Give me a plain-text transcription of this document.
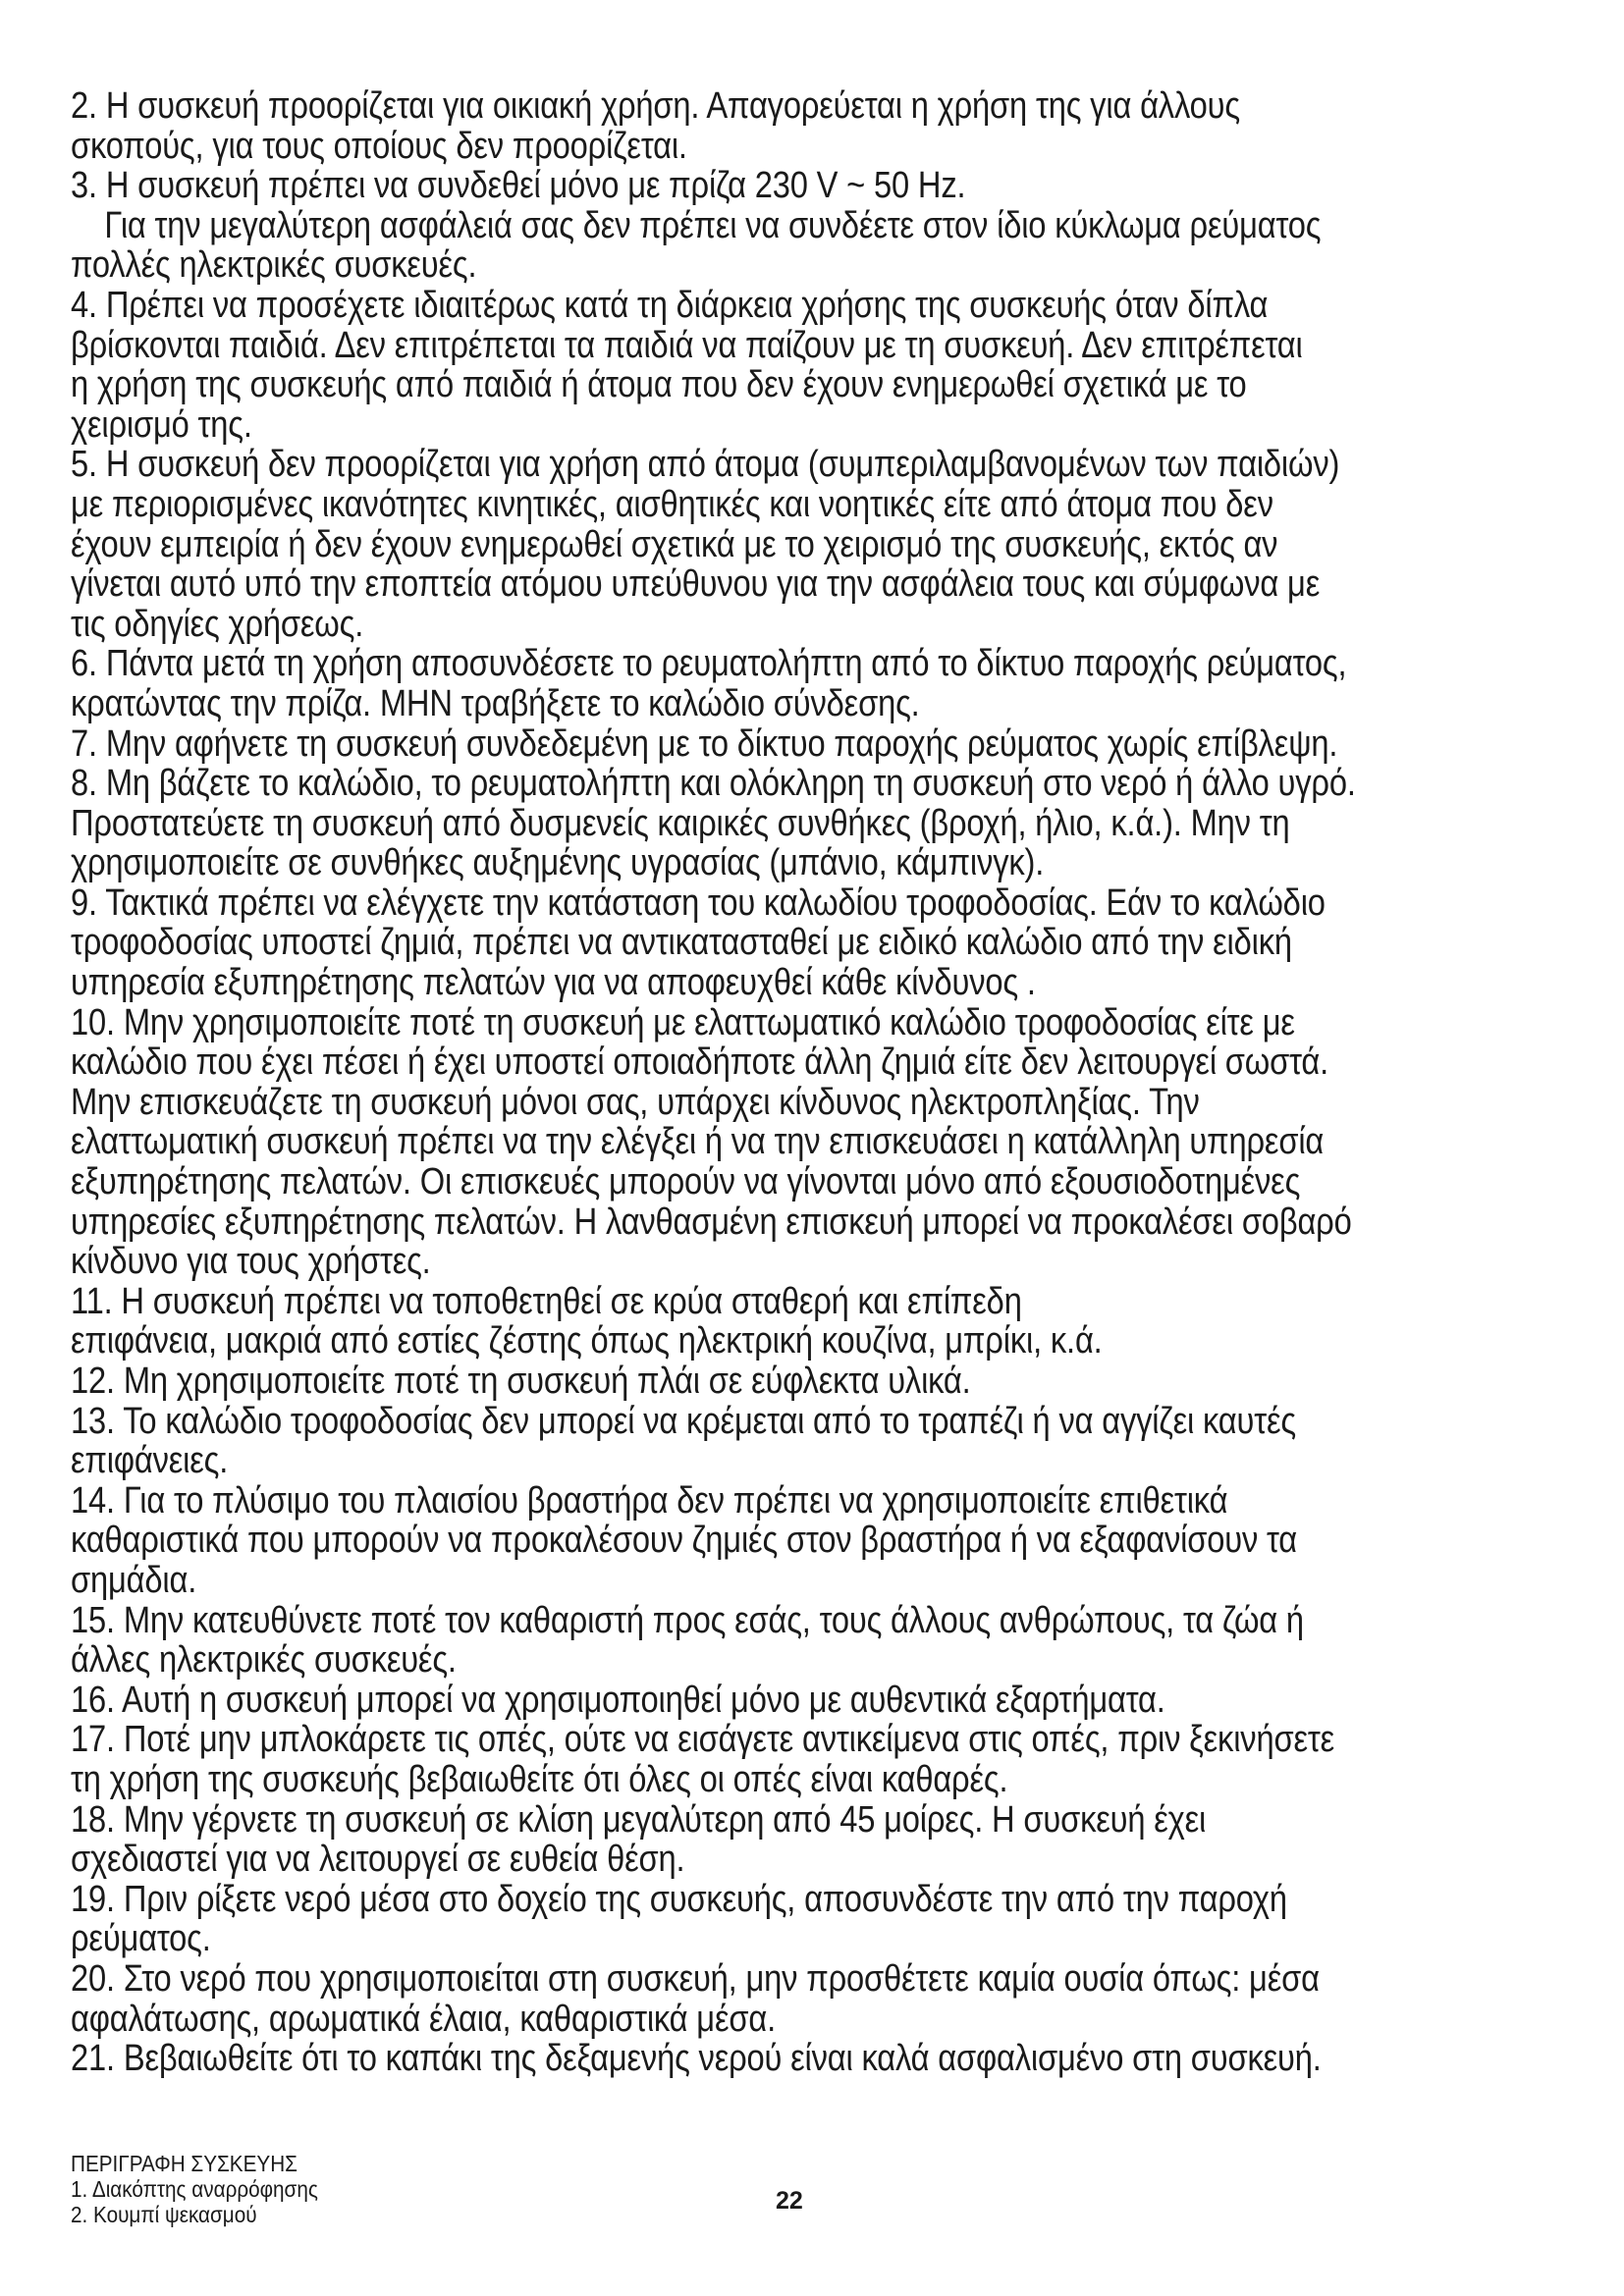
2. Η συσκευή προορίζεται για οικιακή χρήση. Απαγορεύεται η χρήση της για άλλους
σκοπούς, για τους οποίους δεν προορίζεται.
3. Η συσκευή πρέπει να συνδεθεί μόνο με πρίζα 230 V ~ 50 Hz.
Για την μεγαλύτερη ασφάλειά σας δεν πρέπει να συνδέετε στον ίδιο κύκλωμα ρεύματος
πολλές ηλεκτρικές συσκευές.
4. Πρέπει να προσέχετε ιδιαιτέρως κατά τη διάρκεια χρήσης της συσκευής όταν δίπλα
βρίσκονται παιδιά. Δεν επιτρέπεται τα παιδιά να παίζουν με τη συσκευή. Δεν επιτρέπεται
η χρήση της συσκευής από παιδιά ή άτομα που δεν έχουν ενημερωθεί σχετικά με το
χειρισμό της.
5. Η συσκευή δεν προορίζεται για χρήση από άτομα (συμπεριλαμβανομένων των παιδιών)
με περιορισμένες ικανότητες κινητικές, αισθητικές και νοητικές είτε από άτομα που δεν
έχουν εμπειρία ή δεν έχουν ενημερωθεί σχετικά με το χειρισμό της συσκευής, εκτός αν
γίνεται αυτό υπό την εποπτεία ατόμου υπεύθυνου για την ασφάλεια τους και σύμφωνα με
τις οδηγίες χρήσεως.
6. Πάντα μετά τη χρήση αποσυνδέσετε το ρευματολήπτη από το δίκτυο παροχής ρεύματος,
κρατώντας την πρίζα. ΜΗΝ τραβήξετε το καλώδιο σύνδεσης.
7. Μην αφήνετε τη συσκευή συνδεδεμένη με το δίκτυο παροχής ρεύματος χωρίς επίβλεψη.
8. Μη βάζετε το καλώδιο, το ρευματολήπτη και ολόκληρη τη συσκευή στο νερό ή άλλο υγρό.
Προστατεύετε τη συσκευή από δυσμενείς καιρικές συνθήκες (βροχή, ήλιο, κ.ά.). Μην τη
χρησιμοποιείτε σε συνθήκες αυξημένης υγρασίας (μπάνιο, κάμπινγκ).
9. Τακτικά πρέπει να ελέγχετε την κατάσταση του καλωδίου τροφοδοσίας. Εάν το καλώδιο
τροφοδοσίας υποστεί ζημιά, πρέπει να αντικατασταθεί με ειδικό καλώδιο από την ειδική
υπηρεσία εξυπηρέτησης πελατών για να αποφευχθεί κάθε κίνδυνος .
10. Μην χρησιμοποιείτε ποτέ τη συσκευή με ελαττωματικό καλώδιο τροφοδοσίας είτε με
καλώδιο που έχει πέσει ή έχει υποστεί οποιαδήποτε άλλη ζημιά είτε δεν λειτουργεί σωστά.
Μην επισκευάζετε τη συσκευή μόνοι σας, υπάρχει κίνδυνος ηλεκτροπληξίας. Την
ελαττωματική συσκευή πρέπει να την ελέγξει ή να την επισκευάσει η κατάλληλη υπηρεσία
εξυπηρέτησης πελατών. Οι επισκευές μπορούν να γίνονται μόνο από εξουσιοδοτημένες
υπηρεσίες εξυπηρέτησης πελατών. Η λανθασμένη επισκευή μπορεί να προκαλέσει σοβαρό
κίνδυνο για τους χρήστες.
11. Η συσκευή πρέπει να τοποθετηθεί σε κρύα σταθερή και επίπεδη
επιφάνεια, μακριά από εστίες ζέστης όπως ηλεκτρική κουζίνα, μπρίκι, κ.ά.
12. Μη χρησιμοποιείτε ποτέ τη συσκευή πλάι σε εύφλεκτα υλικά.
13. Το καλώδιο τροφοδοσίας δεν μπορεί να κρέμεται από το τραπέζι ή να αγγίζει καυτές
επιφάνειες.
14. Για το πλύσιμο του πλαισίου βραστήρα δεν πρέπει να χρησιμοποιείτε επιθετικά
καθαριστικά που μπορούν να προκαλέσουν ζημιές στον βραστήρα ή να εξαφανίσουν τα
σημάδια.
15. Μην κατευθύνετε ποτέ τον καθαριστή προς εσάς, τους άλλους ανθρώπους, τα ζώα ή
άλλες ηλεκτρικές συσκευές.
16. Αυτή η συσκευή μπορεί να χρησιμοποιηθεί μόνο με αυθεντικά εξαρτήματα.
17. Ποτέ μην μπλοκάρετε τις οπές, ούτε να εισάγετε αντικείμενα στις οπές, πριν ξεκινήσετε
τη χρήση της συσκευής βεβαιωθείτε ότι όλες οι οπές είναι καθαρές.
18. Μην γέρνετε τη συσκευή σε κλίση μεγαλύτερη από 45 μοίρες. Η συσκευή έχει
σχεδιαστεί για να λειτουργεί σε ευθεία θέση.
19. Πριν ρίξετε νερό μέσα στο δοχείο της συσκευής, αποσυνδέστε την από την παροχή
ρεύματος.
20. Στο νερό που χρησιμοποιείται στη συσκευή, μην προσθέτετε καμία ουσία όπως: μέσα
αφαλάτωσης, αρωματικά έλαια, καθαριστικά μέσα.
21. Βεβαιωθείτε ότι το καπάκι της δεξαμενής νερού είναι καλά ασφαλισμένο στη συσκευή.
ΠΕΡΙΓΡΑΦΗ ΣΥΣΚΕΥΗΣ
1. Διακόπτης αναρρόφησης
2. Κουμπί ψεκασμού	22
